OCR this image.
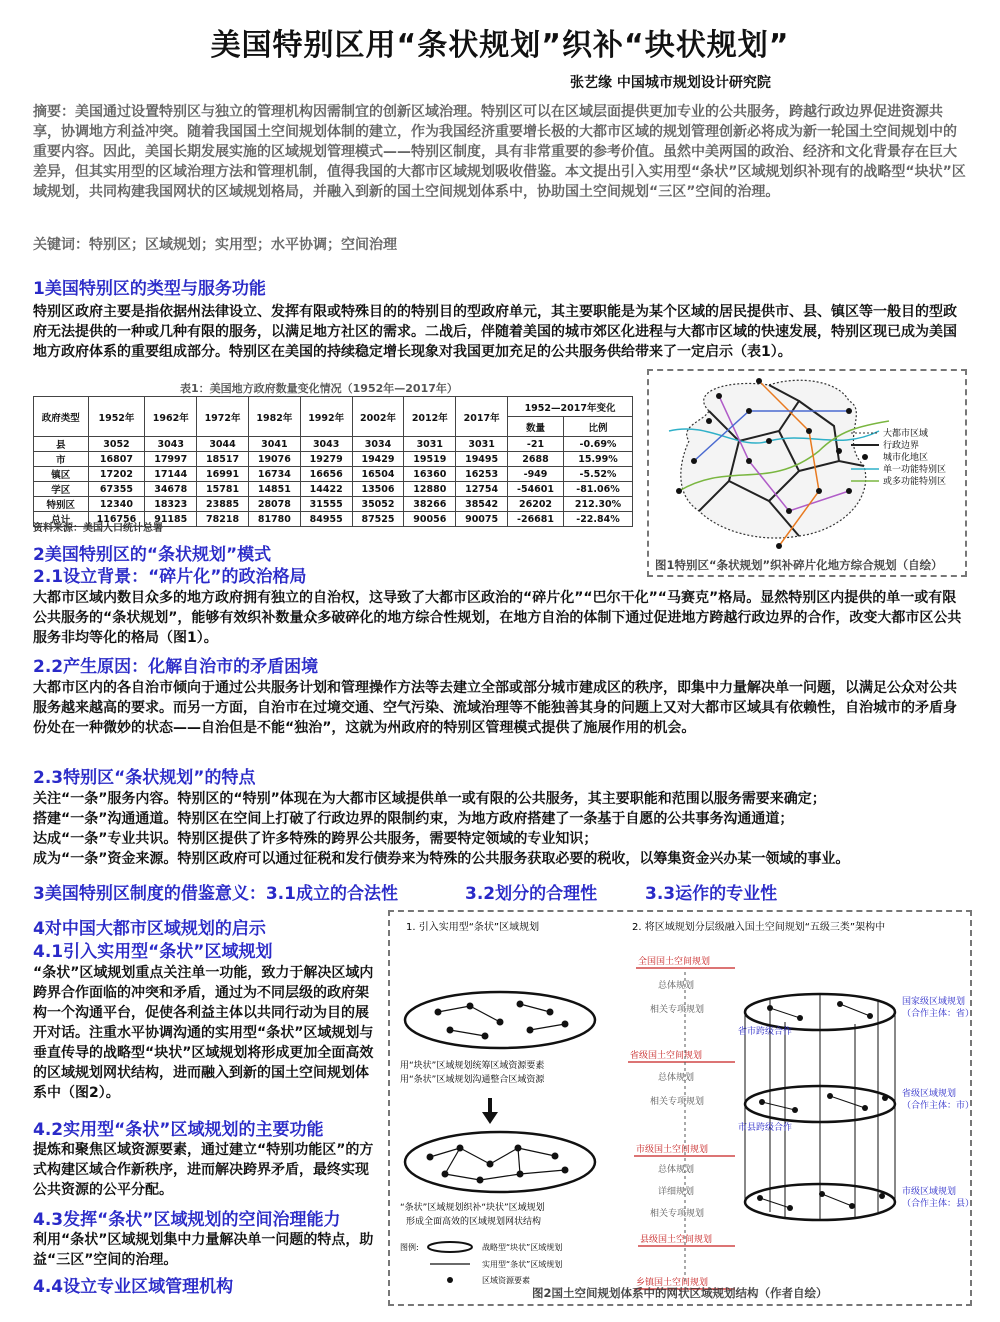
美国特别区用“条状规划”织补“块状规划”
张艺缘 中国城市规划设计研究院
摘要：美国通过设置特别区与独立的管理机构因需制宜的创新区域治理。特别区可以在区域层面提供更加专业的公共服务，跨越行政边界促进资源共享，协调地方利益冲突。随着我国国土空间规划体制的建立，作为我国经济重要增长极的大都市区域的规划管理创新必将成为新一轮国土空间规划中的重要内容。因此，美国长期发展实施的区域规划管理模式——特别区制度，具有非常重要的参考价值。虽然中美两国的政治、经济和文化背景存在巨大差异，但其实用型的区域治理方法和管理机制，值得我国的大都市区域规划吸收借鉴。本文提出引入实用型“条状”区域规划织补现有的战略型“块状”区域规划，共同构建我国网状的区域规划格局，并融入到新的国土空间规划体系中，协助国土空间规划“三区”空间的治理。
关键词：特别区；区域规划；实用型；水平协调；空间治理
1美国特别区的类型与服务功能
特别区政府主要是指依据州法律设立、发挥有限或特殊目的的特别目的型政府单元，其主要职能是为某个区域的居民提供市、县、镇区等一般目的型政府无法提供的一种或几种有限的服务，以满足地方社区的需求。二战后，伴随着美国的城市郊区化进程与大都市区域的快速发展，特别区现已成为美国地方政府体系的重要组成部分。特别区在美国的持续稳定增长现象对我国更加充足的公共服务供给带来了一定启示（表1）。
表1：美国地方政府数量变化情况（1952年—2017年）
政府类型	1952年	1962年	1972年	1982年	1992年	2002年	2012年	2017年	1952—2017年变化	
									数量	比例
县	3052	3043	3044	3041	3043	3034	3031	3031	-21	-0.69%
市	16807	17997	18517	19076	19279	19429	19519	19495	2688	15.99%
镇区	17202	17144	16991	16734	16656	16504	16360	16253	-949	-5.52%
学区	67355	34678	15781	14851	14422	13506	12880	12754	-54601	-81.06%
特别区	12340	18323	23885	28078	31555	35052	38266	38542	26202	212.30%
总计	116756	91185	78218	81780	84955	87525	90056	90075	-26681	-22.84%
资料来源：美国人口统计总署
大都市区域
行政边界
城市化地区
单一功能特别区
或多功能特别区
图1特别区“条状规划”织补碎片化地方综合规划（自绘）
2美国特别区的“条状规划”模式
2.1设立背景：“碎片化”的政治格局
大都市区域内数目众多的地方政府拥有独立的自治权，这导致了大都市区政治的“碎片化”“巴尔干化”“马赛克”格局。显然特别区内提供的单一或有限公共服务的“条状规划”，能够有效织补数量众多破碎化的地方综合性规划，在地方自治的体制下通过促进地方跨越行政边界的合作，改变大都市区公共服务非均等化的格局（图1）。
2.2产生原因：化解自治市的矛盾困境
大都市区内的各自治市倾向于通过公共服务计划和管理操作方法等去建立全部或部分城市建成区的秩序，即集中力量解决单一问题，以满足公众对公共服务越来越高的要求。而另一方面，自治市在过境交通、空气污染、流域治理等不能独善其身的问题上又对大都市区域具有依赖性，自治城市的矛盾身份处在一种微妙的状态——自治但是不能“独治”，这就为州政府的特别区管理模式提供了施展作用的机会。
2.3特别区“条状规划”的特点
关注“一条”服务内容。特别区的“特别”体现在为大都市区域提供单一或有限的公共服务，其主要职能和范围以服务需要来确定；
搭建“一条”沟通通道。特别区在空间上打破了行政边界的限制约束，为地方政府搭建了一条基于自愿的公共事务沟通通道；
达成“一条”专业共识。特别区提供了许多特殊的跨界公共服务，需要特定领域的专业知识；
成为“一条”资金来源。特别区政府可以通过征税和发行债券来为特殊的公共服务获取必要的税收，以筹集资金兴办某一领域的事业。
3美国特别区制度的借鉴意义：3.1成立的合法性	3.2划分的合理性	3.3运作的专业性
4对中国大都市区域规划的启示
4.1引入实用型“条状”区域规划
“条状”区域规划重点关注单一功能，致力于解决区域内跨界合作面临的冲突和矛盾，通过为不同层级的政府架构一个沟通平台，促使各利益主体以共同行动为目的展开对话。注重水平协调沟通的实用型“条状”区域规划与垂直传导的战略型“块状”区域规划将形成更加全面高效的区域规划网状结构，进而融入到新的国土空间规划体系中（图2）。
4.2实用型“条状”区域规划的主要功能
提炼和聚焦区域资源要素，通过建立“特别功能区”的方式构建区域合作新秩序，进而解决跨界矛盾，最终实现公共资源的公平分配。
4.3发挥“条状”区域规划的空间治理能力
利用“条状”区域规划集中力量解决单一问题的特点，助益“三区”空间的治理。
4.4设立专业区域管理机构
1. 引入实用型“条状”区域规划	2. 将区域规划分层级融入国土空间规划“五级三类”架构中
用“块状”区域规划统筹区域资源要素
用“条状”区域规划沟通整合区域资源
“条状”区域规划织补“块状”区域规划
形成全面高效的区域规划网状结构
图例:	战略型“块状”区域规划
实用型“条状”区域规划
区域资源要素
全国国土空间规划
省级国土空间规划
市级国土空间规划
县级国土空间规划
乡镇国土空间规划
总体规划
相关专项规划
总体规划
相关专项规划
总体规划
详细规划
相关专项规划
省市跨级合作
市县跨级合作
国家级区域规划
（合作主体：省）
省级区域规划
（合作主体：市）
市级区域规划
（合作主体：县）
图2国土空间规划体系中的网状区域规划结构（作者自绘）
